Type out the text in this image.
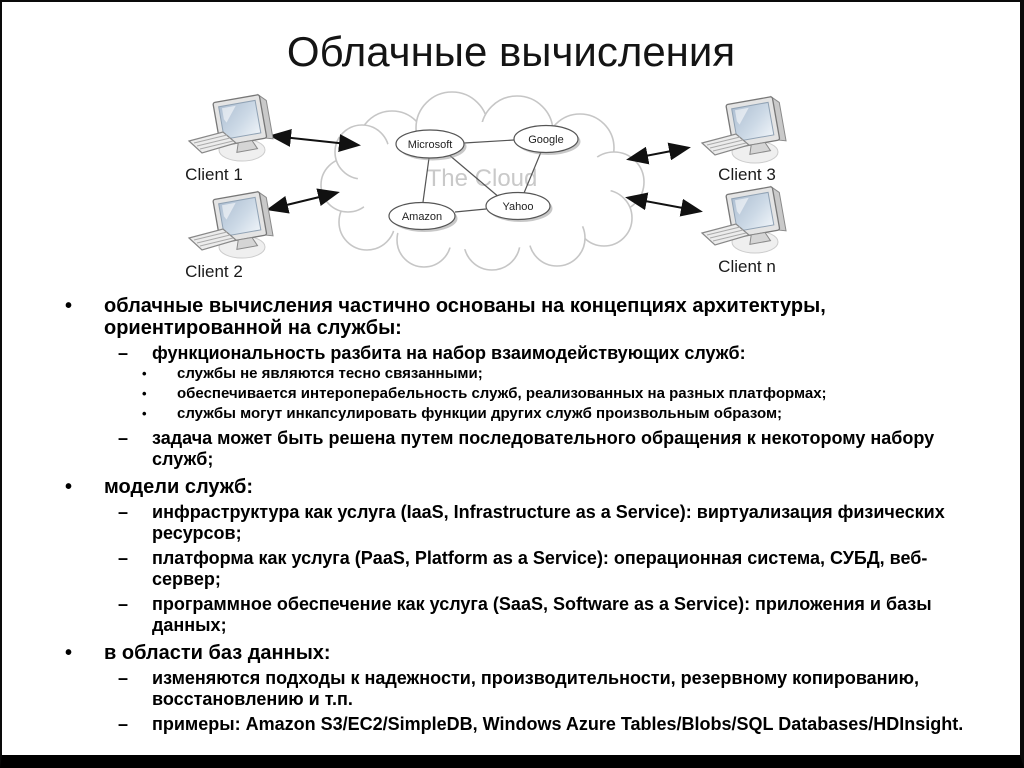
Облачные вычисления
The Cloud
Microsoft	Google
Amazon
Yahoo
Client 1
Client 2
Client 3
Client n
• облачные вычисления частично основаны на концепциях архитектуры, ориентированной на службы:
– функциональность разбита на набор взаимодействующих служб:
• службы не являются тесно связанными;
• обеспечивается интероперабельность служб, реализованных на разных платформах;
• службы могут инкапсулировать функции других служб произвольным образом;
– задача может быть решена путем последовательного обращения к некоторому набору служб;
• модели служб:
– инфраструктура как услуга (IaaS, Infrastructure as a Service): виртуализация физических ресурсов;
– платформа как услуга (PaaS, Platform as a Service): операционная система, СУБД, веб-сервер;
– программное обеспечение как услуга (SaaS, Software as a Service): приложения и базы данных;
• в области баз данных:
– изменяются подходы к надежности, производительности, резервному копированию, восстановлению и т.п.
– примеры: Amazon S3/EC2/SimpleDB, Windows Azure Tables/Blobs/SQL Databases/HDInsight.
